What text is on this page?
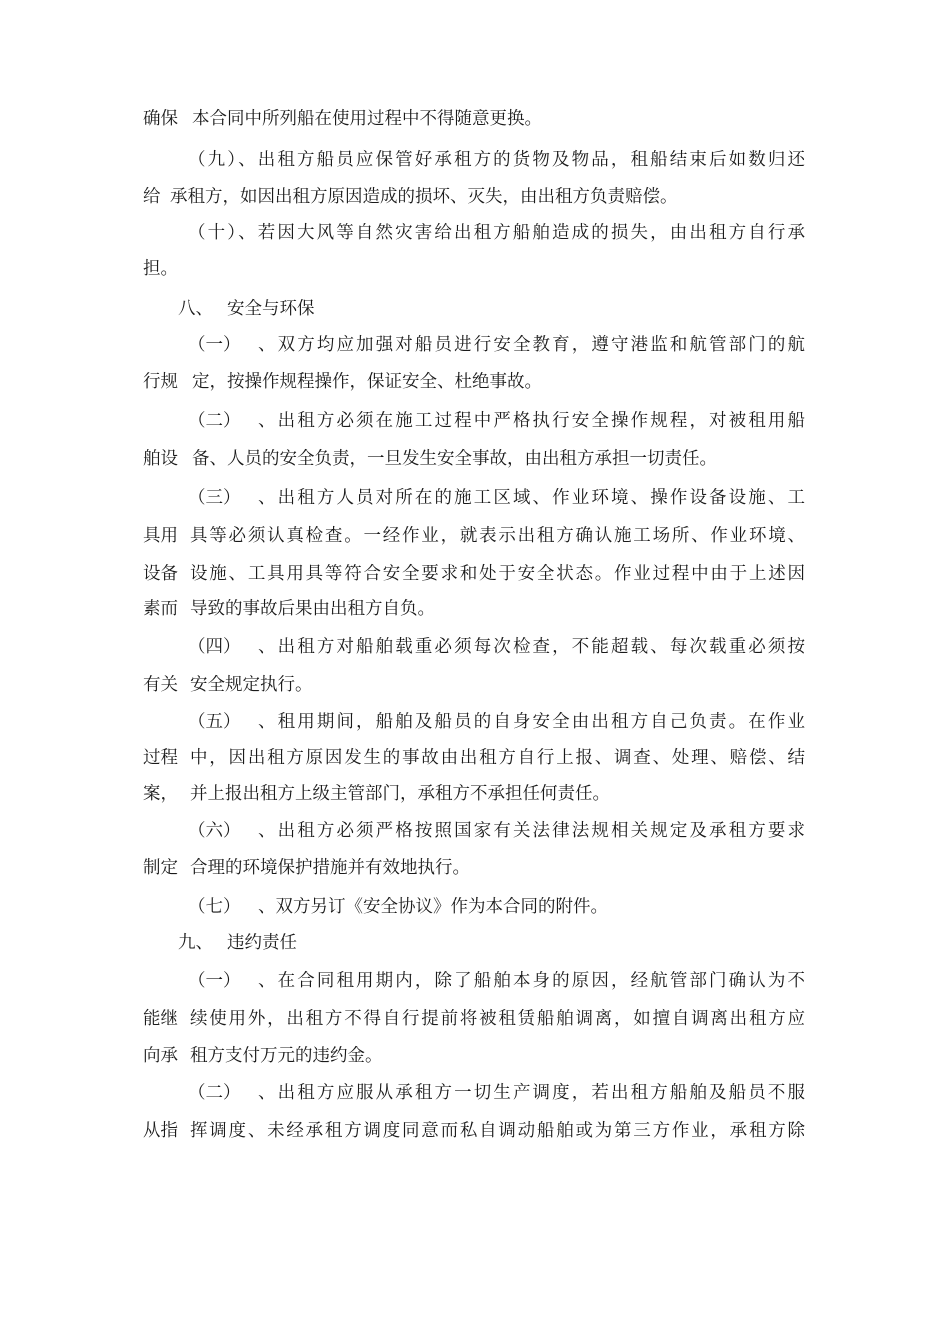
确保

本合同中所列船在使用过程中不得随意更换。

（九）、出租方船员应保管好承租方的货物及物品，租船结束后如数归还

给

承租方，如因出租方原因造成的损坏、灭失，由出租方负责赔偿。

（十）、若因大风等自然灾害给出租方船舶造成的损失，由出租方自行承

担。

八、

安全与环保

（一）

、双方均应加强对船员进行安全教育，遵守港监和航管部门的航

行规

定，按操作规程操作，保证安全、杜绝事故。

（二）

、出租方必须在施工过程中严格执行安全操作规程，对被租用船

舶设

备、人员的安全负责，一旦发生安全事故，由出租方承担一切责任。

（三）

、出租方人员对所在的施工区域、作业环境、操作设备设施、工

具用

具等必须认真检查。一经作业，就表示出租方确认施工场所、作业环境、

设备

设施、工具用具等符合安全要求和处于安全状态。作业过程中由于上述因

素而

导致的事故后果由出租方自负。

（四）

、出租方对船舶载重必须每次检查，不能超载、每次载重必须按

有关

安全规定执行。

（五）

、租用期间，船舶及船员的自身安全由出租方自己负责。在作业

过程

中，因出租方原因发生的事故由出租方自行上报、调查、处理、赔偿、结

案，

并上报出租方上级主管部门，承租方不承担任何责任。

（六）

、出租方必须严格按照国家有关法律法规相关规定及承租方要求

制定

合理的环境保护措施并有效地执行。

（七）

、双方另订《安全协议》作为本合同的附件。

九、

违约责任

（一）

、在合同租用期内，除了船舶本身的原因，经航管部门确认为不

能继

续使用外，出租方不得自行提前将被租赁船舶调离，如擅自调离出租方应

向承

租方支付万元的违约金。

（二）

、出租方应服从承租方一切生产调度，若出租方船舶及船员不服

从指

挥调度、未经承租方调度同意而私自调动船舶或为第三方作业，承租方除
